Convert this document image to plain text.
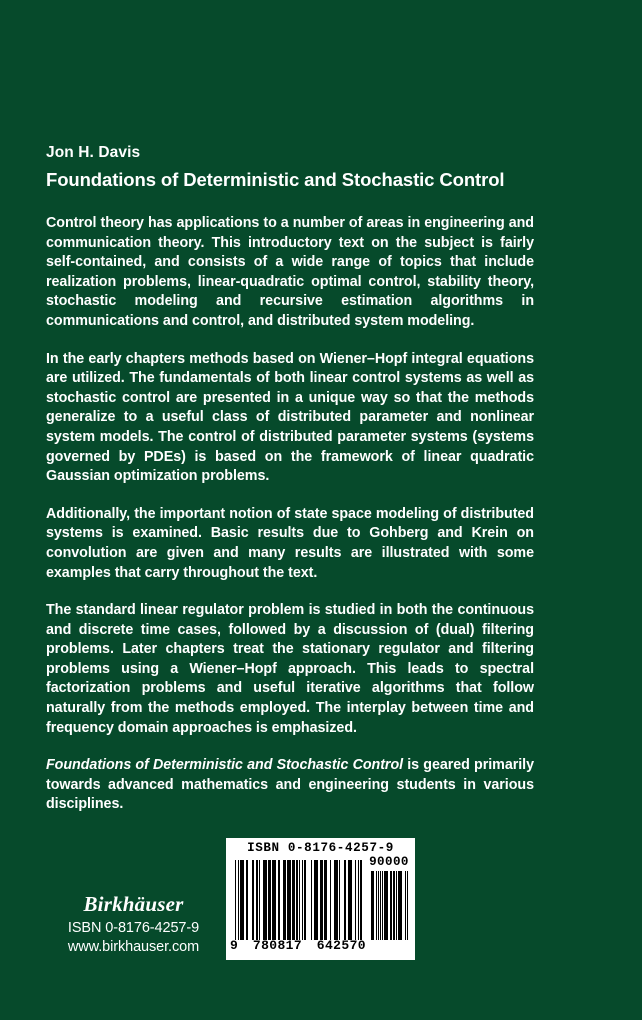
Jon H. Davis
Foundations of Deterministic and Stochastic Control

Control theory has applications to a number of areas in engineering and communication theory. This introductory text on the subject is fairly self-contained, and consists of a wide range of topics that include realization problems, linear-quadratic optimal control, stability theory, stochastic modeling and recursive estimation algorithms in communications and control, and distributed system modeling.

In the early chapters methods based on Wiener–Hopf integral equations are utilized. The fundamentals of both linear control systems as well as stochastic control are presented in a unique way so that the methods generalize to a useful class of distributed parameter and nonlinear system models. The control of distributed parameter systems (systems governed by PDEs) is based on the framework of linear quadratic Gaussian optimization problems.

Additionally, the important notion of state space modeling of distributed systems is examined. Basic results due to Gohberg and Krein on convolution are given and many results are illustrated with some examples that carry throughout the text.

The standard linear regulator problem is studied in both the continuous and discrete time cases, followed by a discussion of (dual) filtering problems. Later chapters treat the stationary regulator and filtering problems using a Wiener–Hopf approach. This leads to spectral factorization problems and useful iterative algorithms that follow naturally from the methods employed. The interplay between time and frequency domain approaches is emphasized.

Foundations of Deterministic and Stochastic Control is geared primarily towards advanced mathematics and engineering students in various disciplines.

Birkhäuser
ISBN 0-8176-4257-9
www.birkhauser.com
ISBN 0-8176-4257-9
90000
9 780817 642570
